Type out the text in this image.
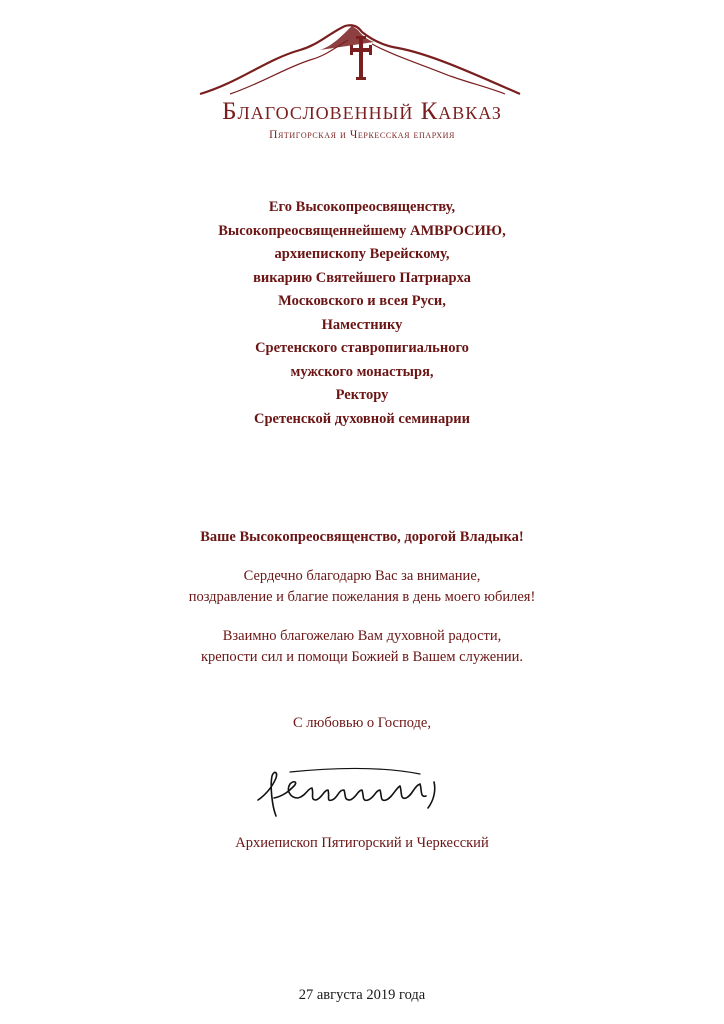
Благословенный Кавказ
Пятигорская и Черкесская епархия
Его Высокопреосвященству,
Высокопреосвященнейшему АМВРОСИЮ,
архиепископу Верейскому,
викарию Святейшего Патриарха
Московского и всея Руси,
Наместнику
Сретенского ставропигиального
мужского монастыря,
Ректору
Сретенской духовной семинарии
Ваше Высокопреосвященство, дорогой Владыка!
Сердечно благодарю Вас за внимание,
поздравление и благие пожелания в день моего юбилея!
Взаимно благожелаю Вам духовной радости,
крепости сил и помощи Божией в Вашем служении.
С любовью о Господе,
Архиепископ Пятигорский и Черкесский
27 августа 2019 года
